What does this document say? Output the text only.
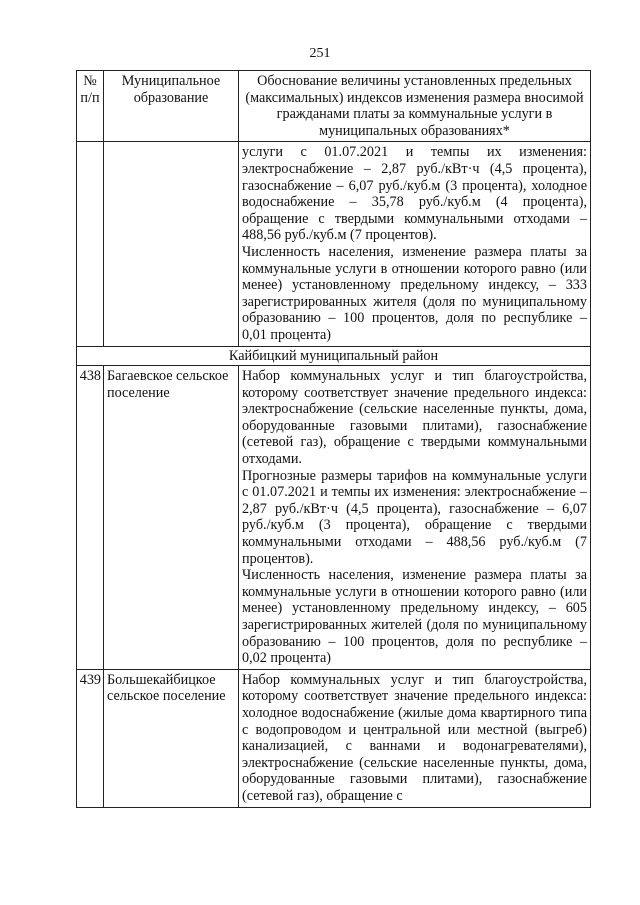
251
№ п/п	Муниципальное образование	Обоснование величины установленных предельных (максимальных) индексов изменения размера вносимой гражданами платы за коммунальные услуги в муниципальных образованиях*

		услуги с 01.07.2021 и темпы их изменения: электроснабжение – 2,87 руб./кВт·ч (4,5 процента), газоснабжение – 6,07 руб./куб.м (3 процента), холодное водоснабжение – 35,78 руб./куб.м (4 процента), обращение с твердыми коммунальными отходами – 488,56 руб./куб.м (7 процентов).

Численность населения, изменение размера платы за коммунальные услуги в отношении которого равно (или менее) установленному предельному индексу, – 333 зарегистрированных жителя (доля по муниципальному образованию – 100 процентов, доля по республике – 0,01 процента)

Кайбицкий муниципальный район		
438	Багаевское сельское поселение	Набор коммунальных услуг и тип благоустройства, которому соответствует значение предельного индекса: электроснабжение (сельские населенные пункты, дома, оборудованные газовыми плитами), газоснабжение (сетевой газ), обращение с твердыми коммунальными отходами.

Прогнозные размеры тарифов на коммунальные услуги с 01.07.2021 и темпы их изменения: электроснабжение – 2,87 руб./кВт·ч (4,5 процента), газоснабжение – 6,07 руб./куб.м (3 процента), обращение с твердыми коммунальными отходами – 488,56 руб./куб.м (7 процентов).

Численность населения, изменение размера платы за коммунальные услуги в отношении которого равно (или менее) установленному предельному индексу, – 605 зарегистрированных жителей (доля по муниципальному образованию – 100 процентов, доля по республике – 0,02 процента)

439	Большекайбицкое сельское поселение	Набор коммунальных услуг и тип благоустройства, которому соответствует значение предельного индекса: холодное водоснабжение (жилые дома квартирного типа с водопроводом и центральной или местной (выгреб) канализацией, с ваннами и водонагревателями), электроснабжение (сельские населенные пункты, дома, оборудованные газовыми плитами), газоснабжение (сетевой газ), обращение с
